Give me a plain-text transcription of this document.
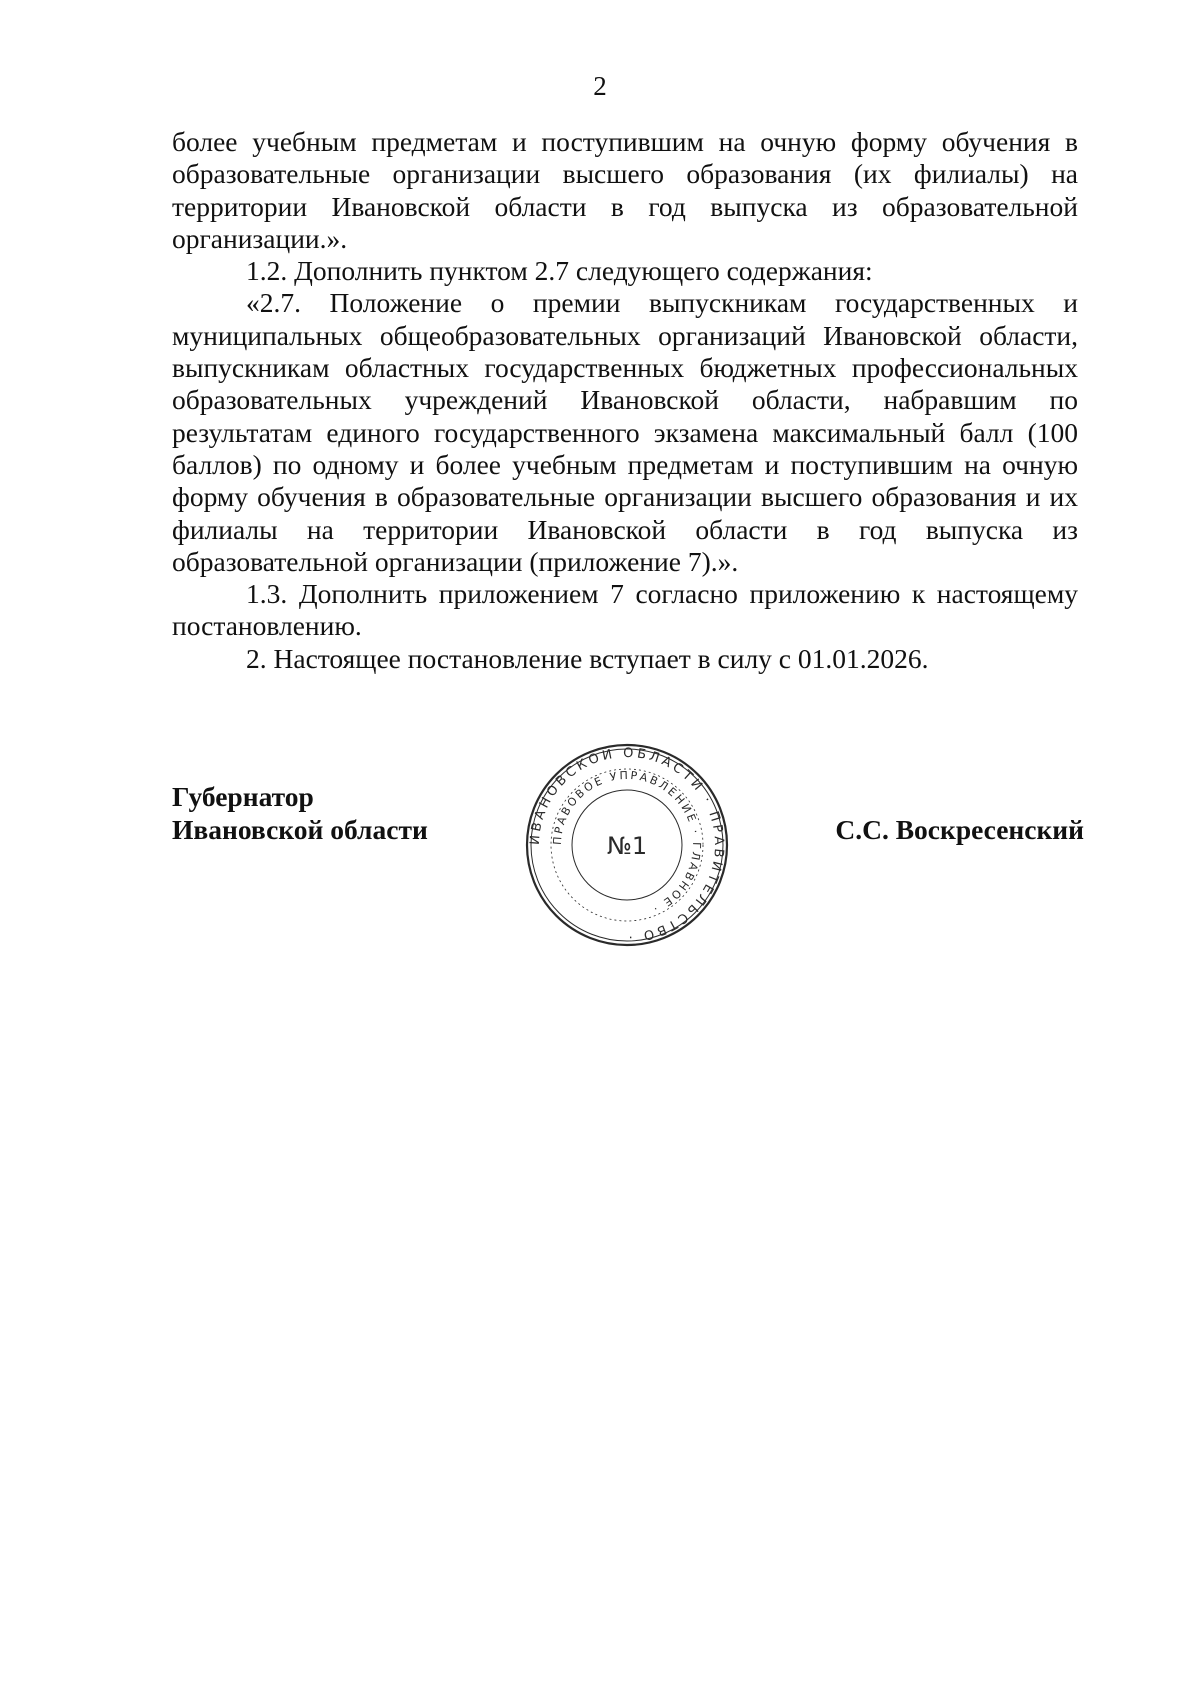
2

более учебным предметам и поступившим на очную форму обучения в образовательные организации высшего образования (их филиалы) на территории Ивановской области в год выпуска из образовательной организации.».

1.2. Дополнить пунктом 2.7 следующего содержания:

«2.7. Положение о премии выпускникам государственных и муниципальных общеобразовательных организаций Ивановской области, выпускникам областных государственных бюджетных профессиональных образовательных учреждений Ивановской области, набравшим по результатам единого государственного экзамена максимальный балл (100 баллов) по одному и более учебным предметам и поступившим на очную форму обучения в образовательные организации высшего образования и их филиалы на территории Ивановской области в год выпуска из образовательной организации (приложение 7).».

1.3. Дополнить приложением 7 согласно приложению к настоящему постановлению.

2. Настоящее постановление вступает в силу с 01.01.2026.

Губернатор
Ивановской области	ИВАНОВСКОЙ ОБЛАСТИ · ПРАВИТЕЛЬСТВО ·
ПРАВОВОЕ УПРАВЛЕНИЕ · ГЛАВНОЕ ·
№1
С.С. Воскресенский
